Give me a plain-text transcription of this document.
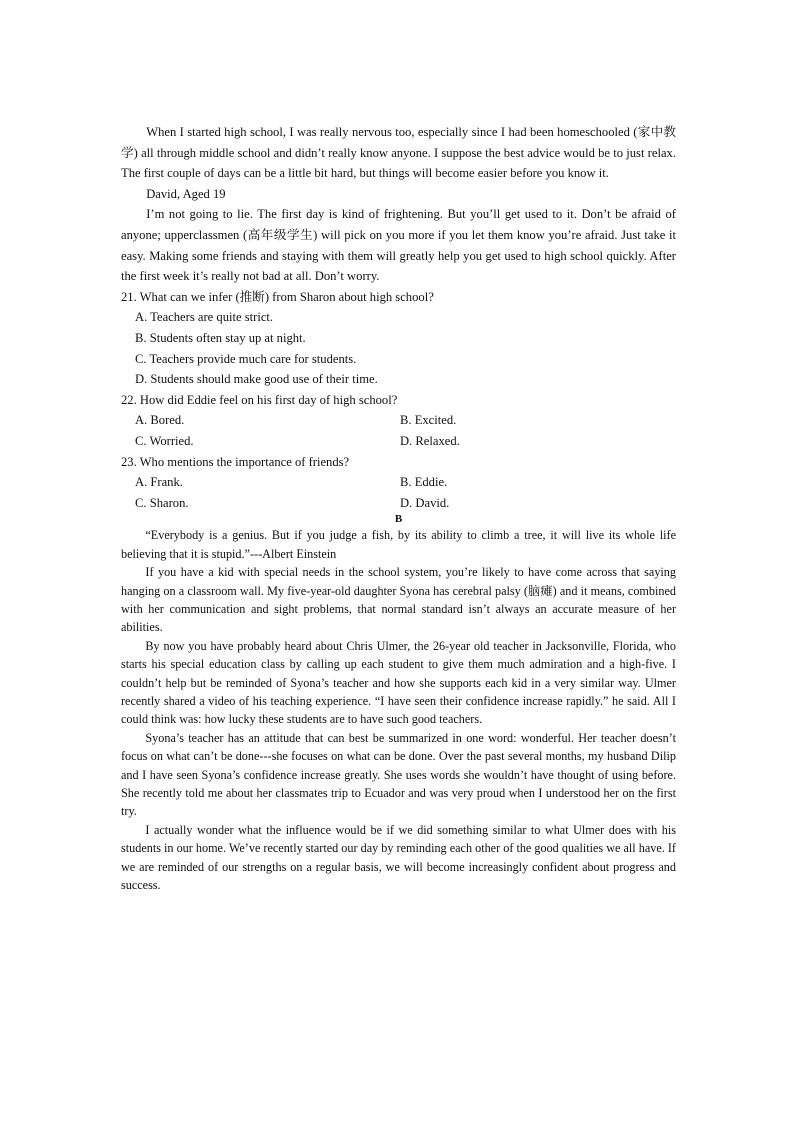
When I started high school, I was really nervous too, especially since I had been homeschooled (家中教学) all through middle school and didn’t really know anyone. I suppose the best advice would be to just relax. The first couple of days can be a little bit hard, but things will become easier before you know it.

David, Aged 19

I’m not going to lie. The first day is kind of frightening. But you’ll get used to it. Don’t be afraid of anyone; upperclassmen (高年级学生) will pick on you more if you let them know you’re afraid. Just take it easy. Making some friends and staying with them will greatly help you get used to high school quickly. After the first week it’s really not bad at all. Don’t worry.

21. What can we infer (推断) from Sharon about high school?

A. Teachers are quite strict.

B. Students often stay up at night.

C. Teachers provide much care for students.

D. Students should make good use of their time.

22. How did Eddie feel on his first day of high school?

A. Bored.	B. Excited.
C. Worried.	D. Relaxed.

23. Who mentions the importance of friends?

A. Frank.	B. Eddie.
C. Sharon.	D. David.

B

“Everybody is a genius. But if you judge a fish, by its ability to climb a tree, it will live its whole life believing that it is stupid.”---Albert Einstein

If you have a kid with special needs in the school system, you’re likely to have come across that saying hanging on a classroom wall. My five-year-old daughter Syona has cerebral palsy (脑瘫) and it means, combined with her communication and sight problems, that normal standard isn’t always an accurate measure of her abilities.

By now you have probably heard about Chris Ulmer, the 26-year old teacher in Jacksonville, Florida, who starts his special education class by calling up each student to give them much admiration and a high-five. I couldn’t help but be reminded of Syona’s teacher and how she supports each kid in a very similar way. Ulmer recently shared a video of his teaching experience. “I have seen their confidence increase rapidly.” he said. All I could think was: how lucky these students are to have such good teachers.

Syona’s teacher has an attitude that can best be summarized in one word: wonderful. Her teacher doesn’t focus on what can’t be done---she focuses on what can be done. Over the past several months, my husband Dilip and I have seen Syona’s confidence increase greatly. She uses words she wouldn’t have thought of using before. She recently told me about her classmates trip to Ecuador and was very proud when I understood her on the first try.

I actually wonder what the influence would be if we did something similar to what Ulmer does with his students in our home. We’ve recently started our day by reminding each other of the good qualities we all have. If we are reminded of our strengths on a regular basis, we will become increasingly confident about progress and success.
